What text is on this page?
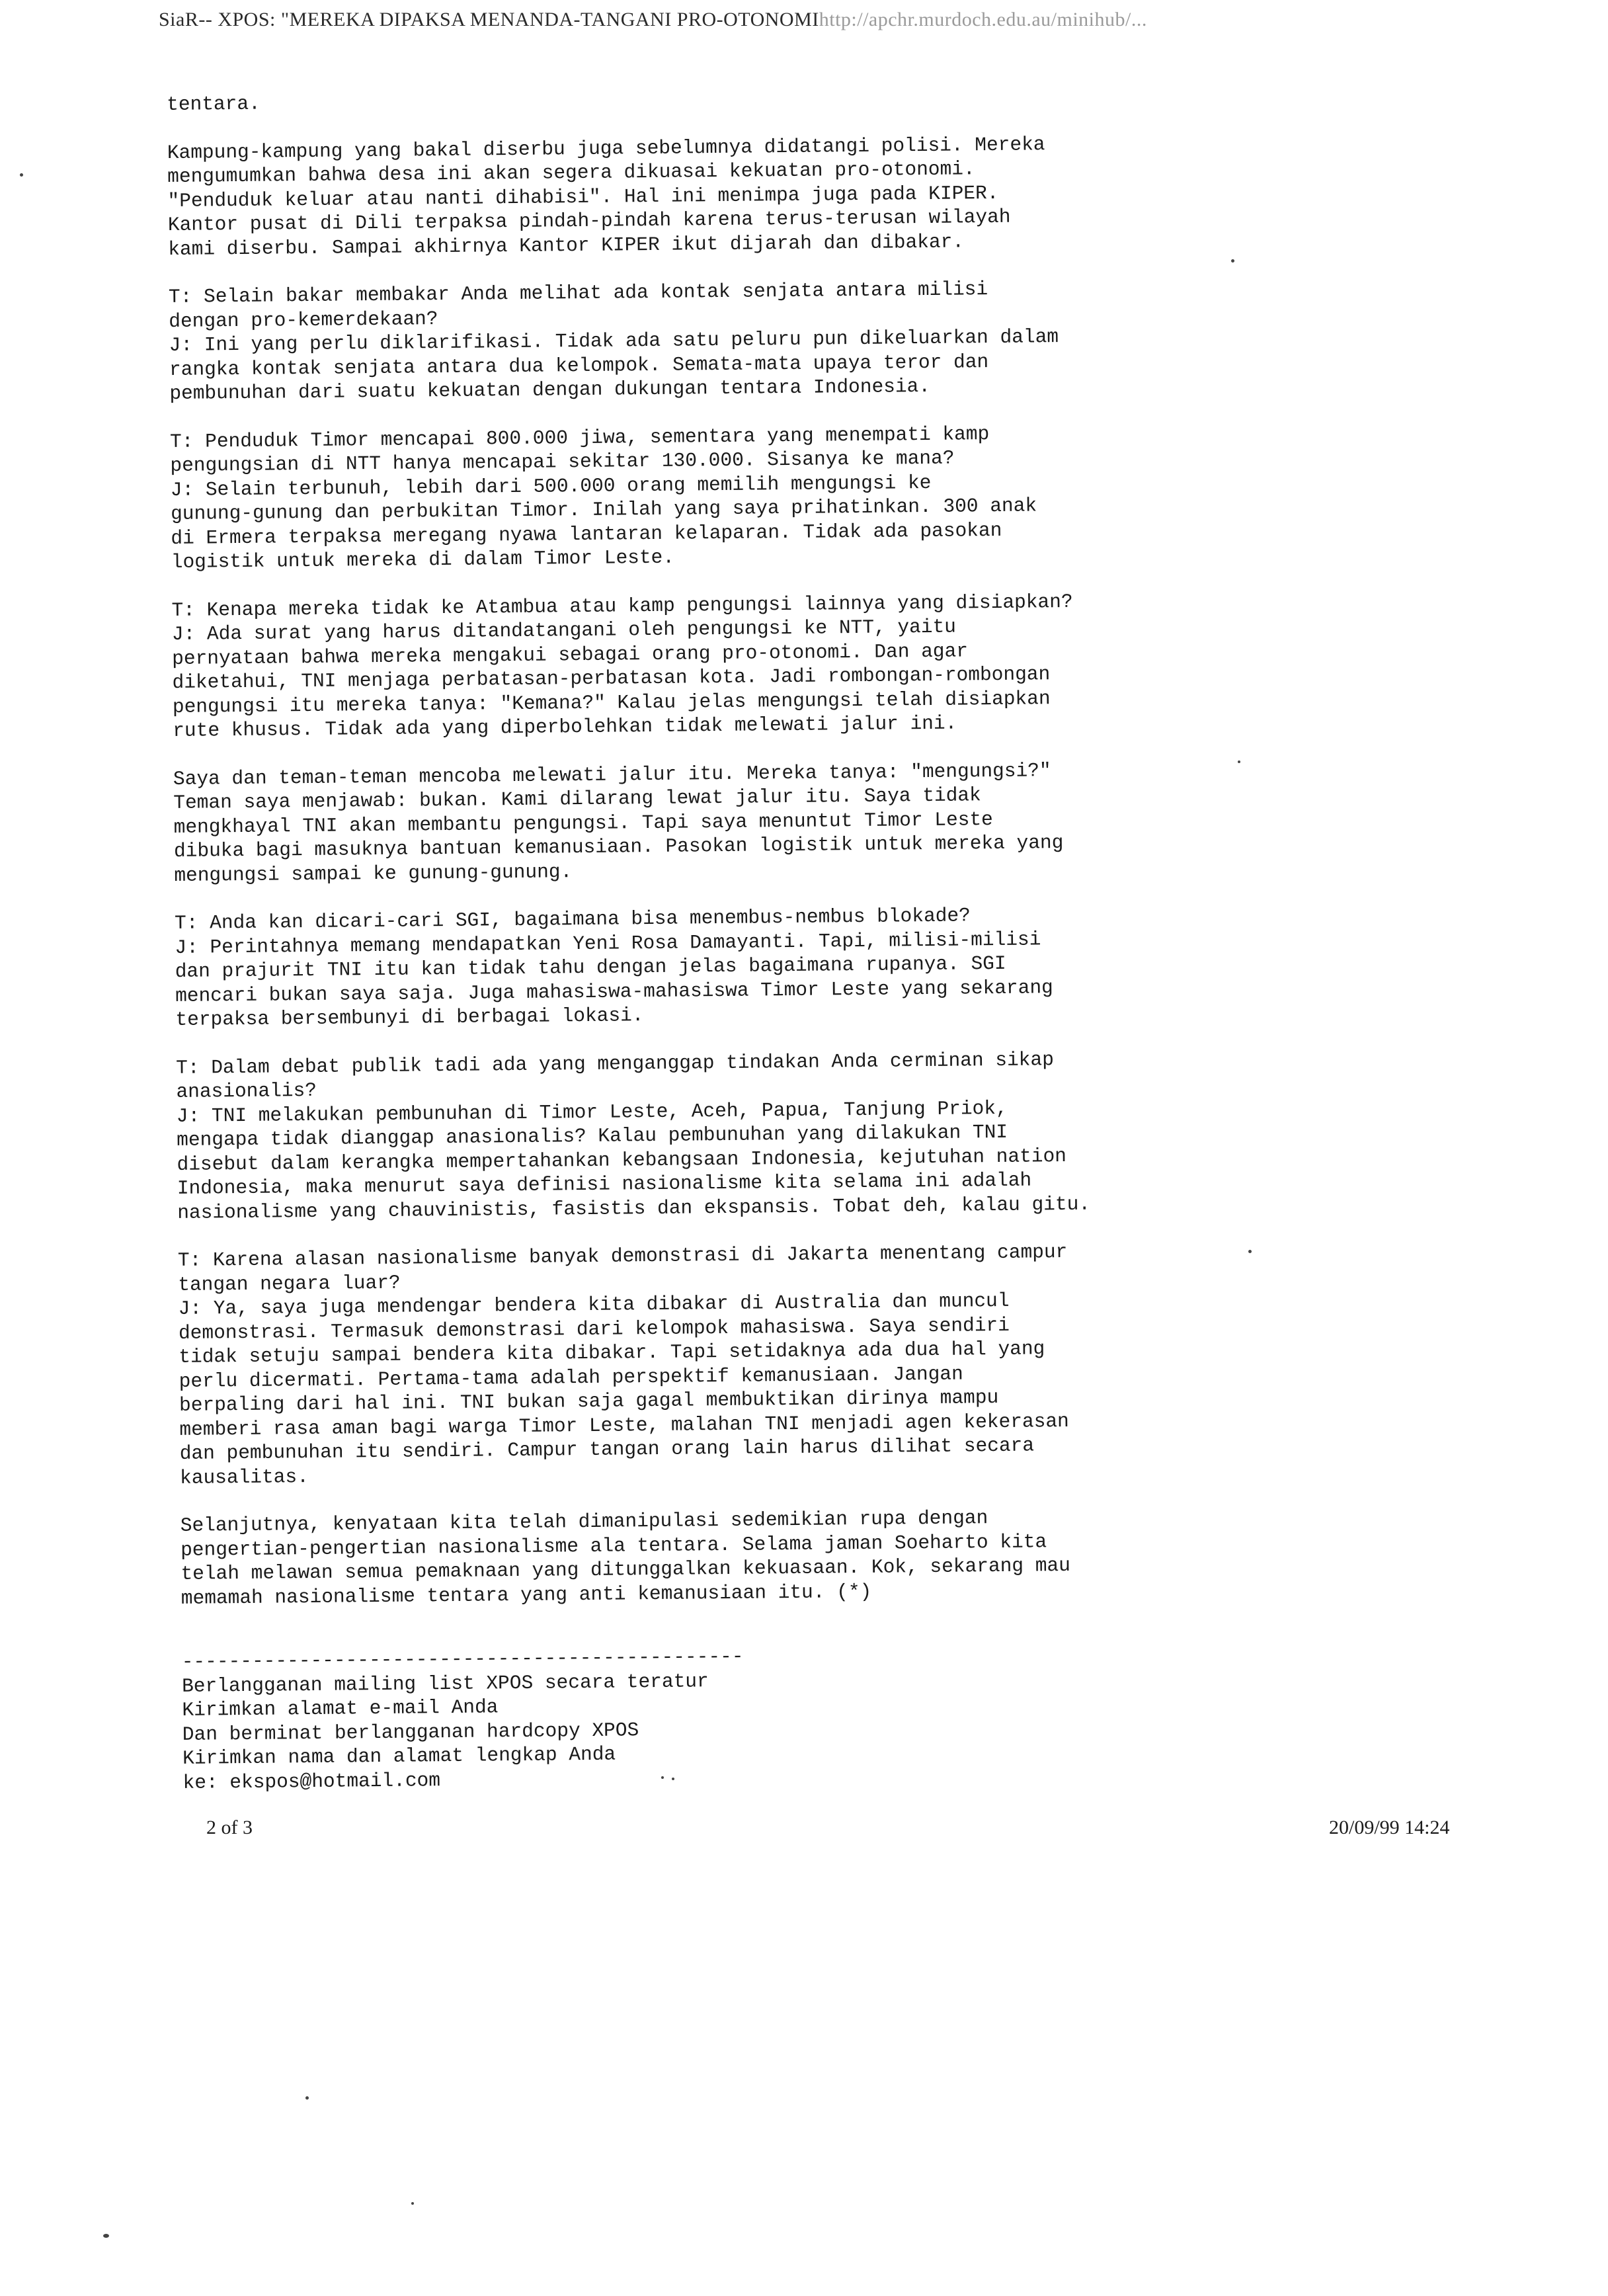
SiaR-- XPOS: "MEREKA DIPAKSA MENANDA-TANGANI PRO-OTONOMIhttp://apchr.murdoch.edu.au/minihub/...
tentara.
Kampung-kampung yang bakal diserbu juga sebelumnya didatangi polisi. Mereka
mengumumkan bahwa desa ini akan segera dikuasai kekuatan pro-otonomi.
"Penduduk keluar atau nanti dihabisi". Hal ini menimpa juga pada KIPER.
Kantor pusat di Dili terpaksa pindah-pindah karena terus-terusan wilayah
kami diserbu. Sampai akhirnya Kantor KIPER ikut dijarah dan dibakar.
T: Selain bakar membakar Anda melihat ada kontak senjata antara milisi
dengan pro-kemerdekaan?
J: Ini yang perlu diklarifikasi. Tidak ada satu peluru pun dikeluarkan dalam
rangka kontak senjata antara dua kelompok. Semata-mata upaya teror dan
pembunuhan dari suatu kekuatan dengan dukungan tentara Indonesia.
T: Penduduk Timor mencapai 800.000 jiwa, sementara yang menempati kamp
pengungsian di NTT hanya mencapai sekitar 130.000. Sisanya ke mana?
J: Selain terbunuh, lebih dari 500.000 orang memilih mengungsi ke
gunung-gunung dan perbukitan Timor. Inilah yang saya prihatinkan. 300 anak
di Ermera terpaksa meregang nyawa lantaran kelaparan. Tidak ada pasokan
logistik untuk mereka di dalam Timor Leste.
T: Kenapa mereka tidak ke Atambua atau kamp pengungsi lainnya yang disiapkan?
J: Ada surat yang harus ditandatangani oleh pengungsi ke NTT, yaitu
pernyataan bahwa mereka mengakui sebagai orang pro-otonomi. Dan agar
diketahui, TNI menjaga perbatasan-perbatasan kota. Jadi rombongan-rombongan
pengungsi itu mereka tanya: "Kemana?" Kalau jelas mengungsi telah disiapkan
rute khusus. Tidak ada yang diperbolehkan tidak melewati jalur ini.
Saya dan teman-teman mencoba melewati jalur itu. Mereka tanya: "mengungsi?"
Teman saya menjawab: bukan. Kami dilarang lewat jalur itu. Saya tidak
mengkhayal TNI akan membantu pengungsi. Tapi saya menuntut Timor Leste
dibuka bagi masuknya bantuan kemanusiaan. Pasokan logistik untuk mereka yang
mengungsi sampai ke gunung-gunung.
T: Anda kan dicari-cari SGI, bagaimana bisa menembus-nembus blokade?
J: Perintahnya memang mendapatkan Yeni Rosa Damayanti. Tapi, milisi-milisi
dan prajurit TNI itu kan tidak tahu dengan jelas bagaimana rupanya. SGI
mencari bukan saya saja. Juga mahasiswa-mahasiswa Timor Leste yang sekarang
terpaksa bersembunyi di berbagai lokasi.
T: Dalam debat publik tadi ada yang menganggap tindakan Anda cerminan sikap
anasionalis?
J: TNI melakukan pembunuhan di Timor Leste, Aceh, Papua, Tanjung Priok,
mengapa tidak dianggap anasionalis? Kalau pembunuhan yang dilakukan TNI
disebut dalam kerangka mempertahankan kebangsaan Indonesia, kejutuhan nation
Indonesia, maka menurut saya definisi nasionalisme kita selama ini adalah
nasionalisme yang chauvinistis, fasistis dan ekspansis. Tobat deh, kalau gitu.
T: Karena alasan nasionalisme banyak demonstrasi di Jakarta menentang campur
tangan negara luar?
J: Ya, saya juga mendengar bendera kita dibakar di Australia dan muncul
demonstrasi. Termasuk demonstrasi dari kelompok mahasiswa. Saya sendiri
tidak setuju sampai bendera kita dibakar. Tapi setidaknya ada dua hal yang
perlu dicermati. Pertama-tama adalah perspektif kemanusiaan. Jangan
berpaling dari hal ini. TNI bukan saja gagal membuktikan dirinya mampu
memberi rasa aman bagi warga Timor Leste, malahan TNI menjadi agen kekerasan
dan pembunuhan itu sendiri. Campur tangan orang lain harus dilihat secara
kausalitas.
Selanjutnya, kenyataan kita telah dimanipulasi sedemikian rupa dengan
pengertian-pengertian nasionalisme ala tentara. Selama jaman Soeharto kita
telah melawan semua pemaknaan yang ditunggalkan kekuasaan. Kok, sekarang mau
memamah nasionalisme tentara yang anti kemanusiaan itu. (*)
------------------------------------------------
Berlangganan mailing list XPOS secara teratur
Kirimkan alamat e-mail Anda
Dan berminat berlangganan hardcopy XPOS
Kirimkan nama dan alamat lengkap Anda
ke: ekspos@hotmail.com
2 of 3	20/09/99 14:24
